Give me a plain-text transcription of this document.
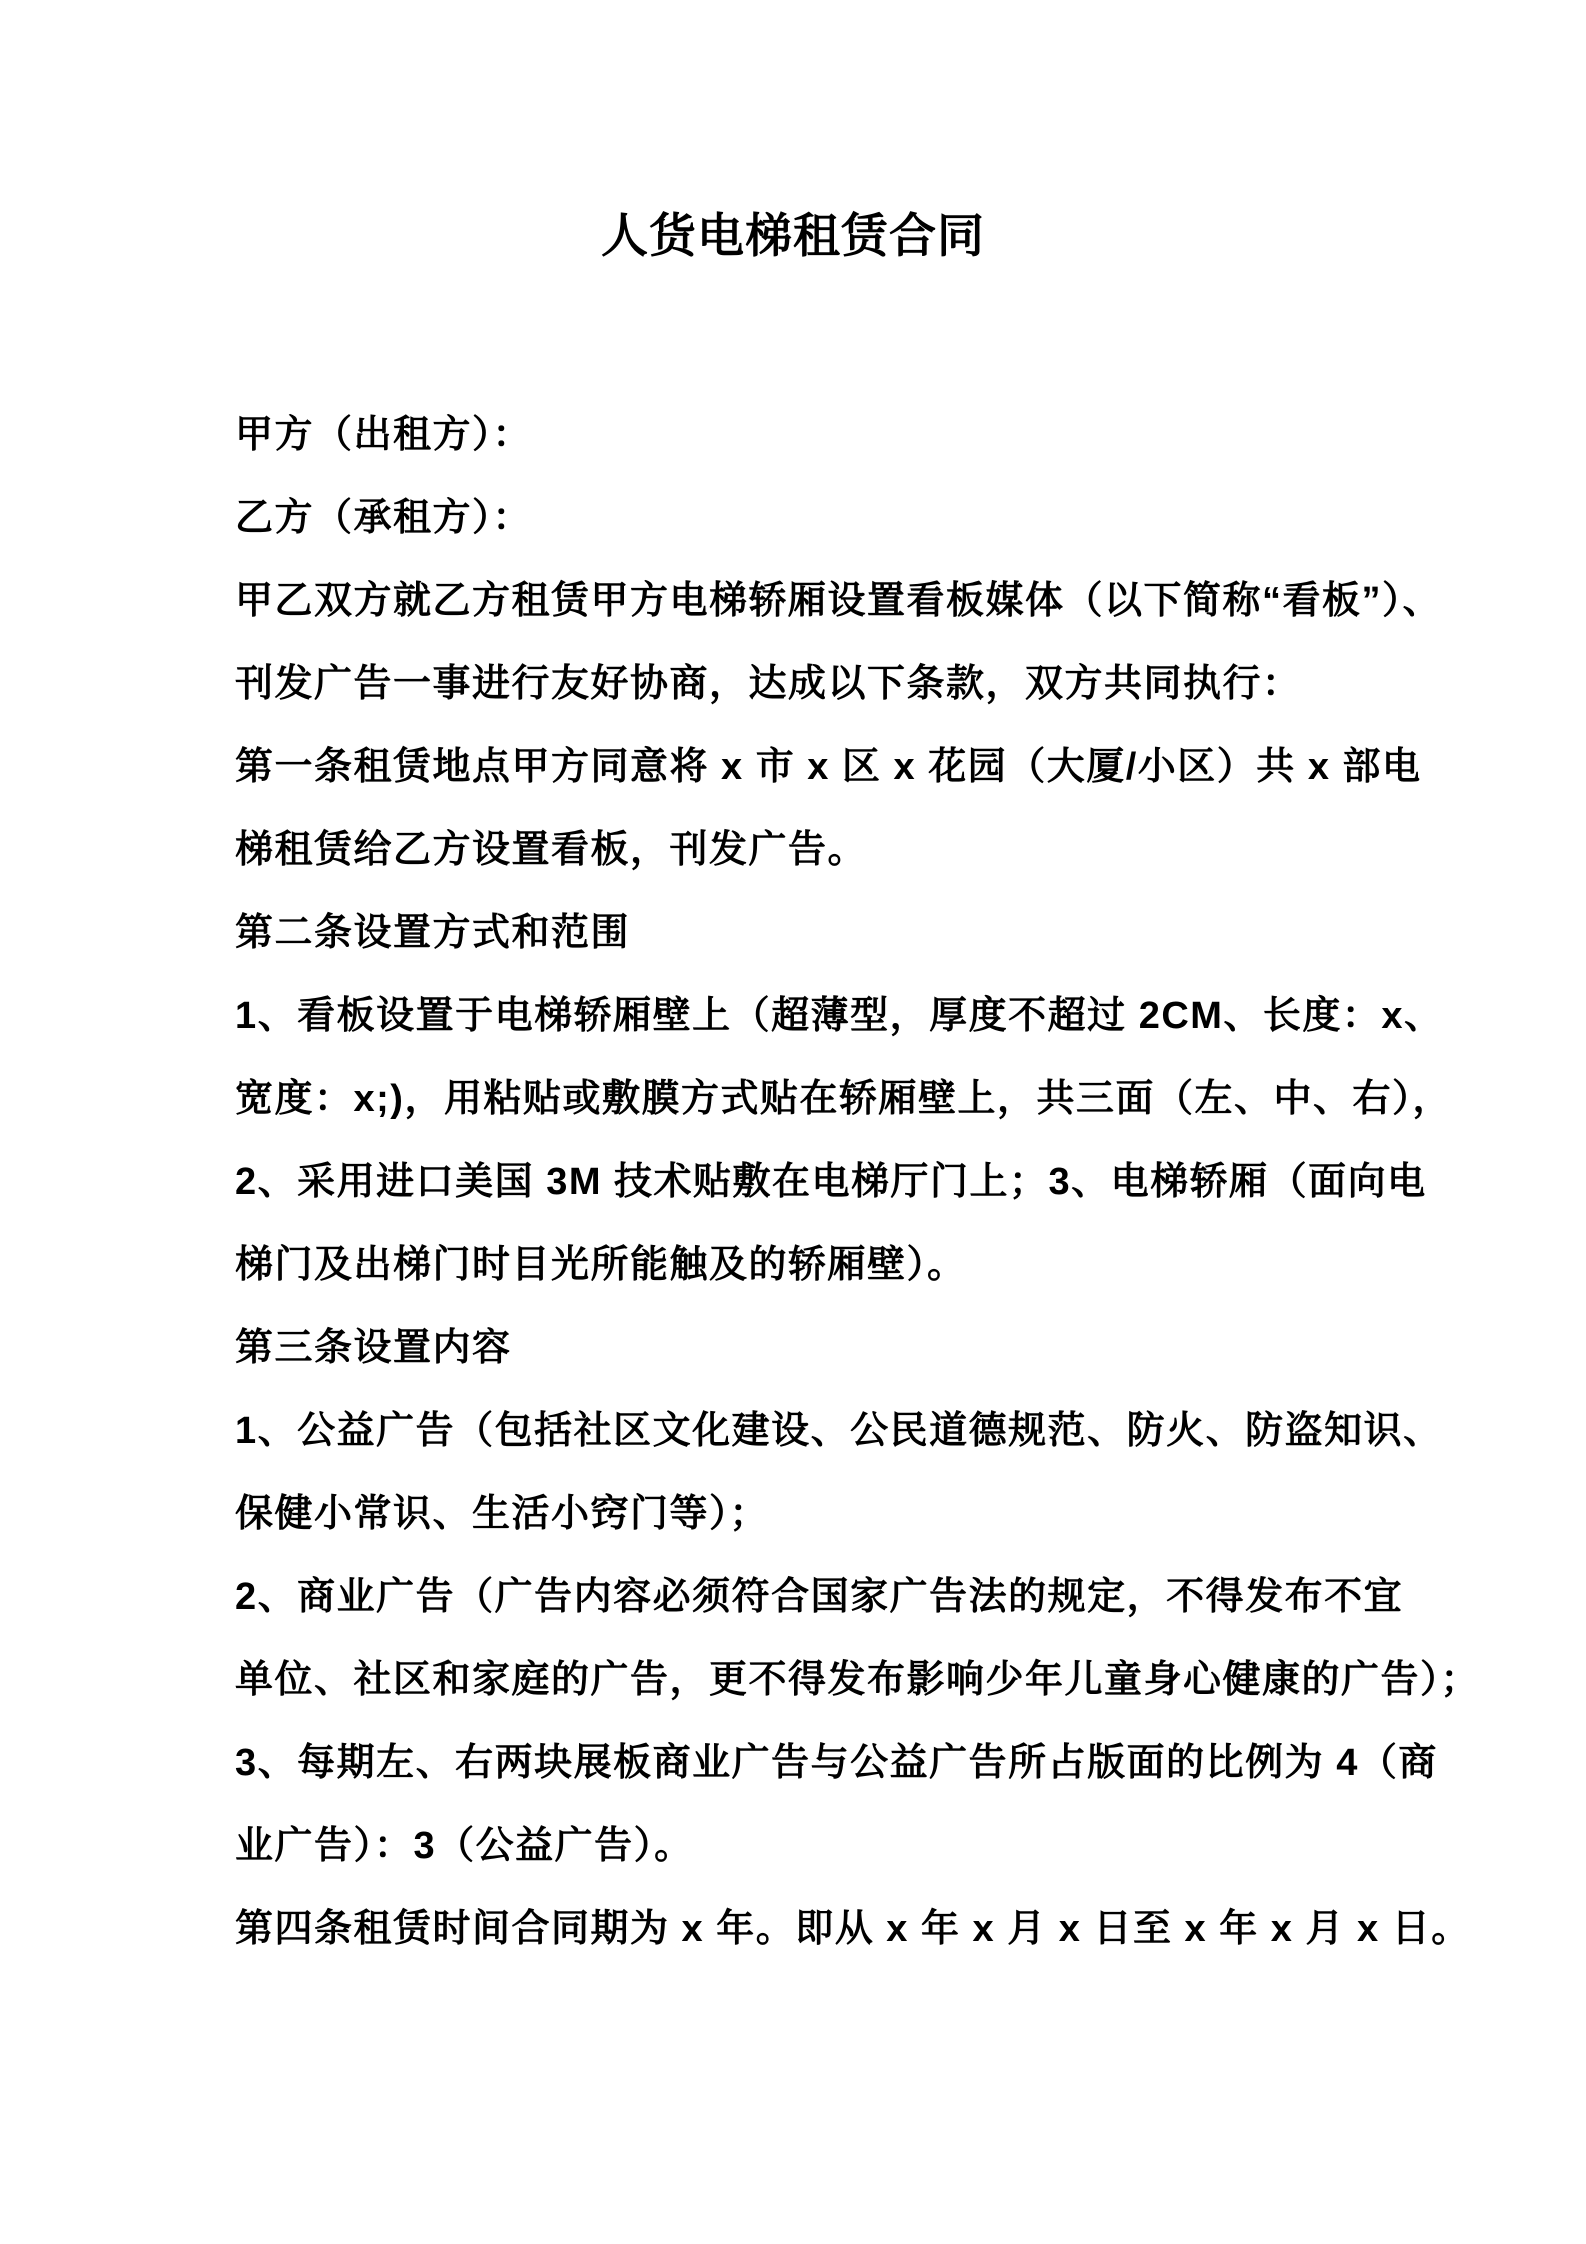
人货电梯租赁合同
甲方（出租方）：
乙方（承租方）：
甲乙双方就乙方租赁甲方电梯轿厢设置看板媒体（以下简称“看板”）、
刊发广告一事进行友好协商，达成以下条款，双方共同执行：
第一条租赁地点甲方同意将 x 市 x 区 x 花园（大厦/小区）共 x 部电
梯租赁给乙方设置看板，刊发广告。
第二条设置方式和范围
1、看板设置于电梯轿厢壁上（超薄型，厚度不超过 2CM、长度：x、
宽度：x;)，用粘贴或敷膜方式贴在轿厢壁上，共三面（左、中、右），
2、采用进口美国 3M 技术贴敷在电梯厅门上；3、电梯轿厢（面向电
梯门及出梯门时目光所能触及的轿厢壁）。
第三条设置内容
1、公益广告（包括社区文化建设、公民道德规范、防火、防盗知识、
保健小常识、生活小窍门等）；
2、商业广告（广告内容必须符合国家广告法的规定，不得发布不宜
单位、社区和家庭的广告，更不得发布影响少年儿童身心健康的广告）；
3、每期左、右两块展板商业广告与公益广告所占版面的比例为 4（商
业广告）：3（公益广告）。
第四条租赁时间合同期为 x 年。即从 x 年 x 月 x 日至 x 年 x 月 x 日。
